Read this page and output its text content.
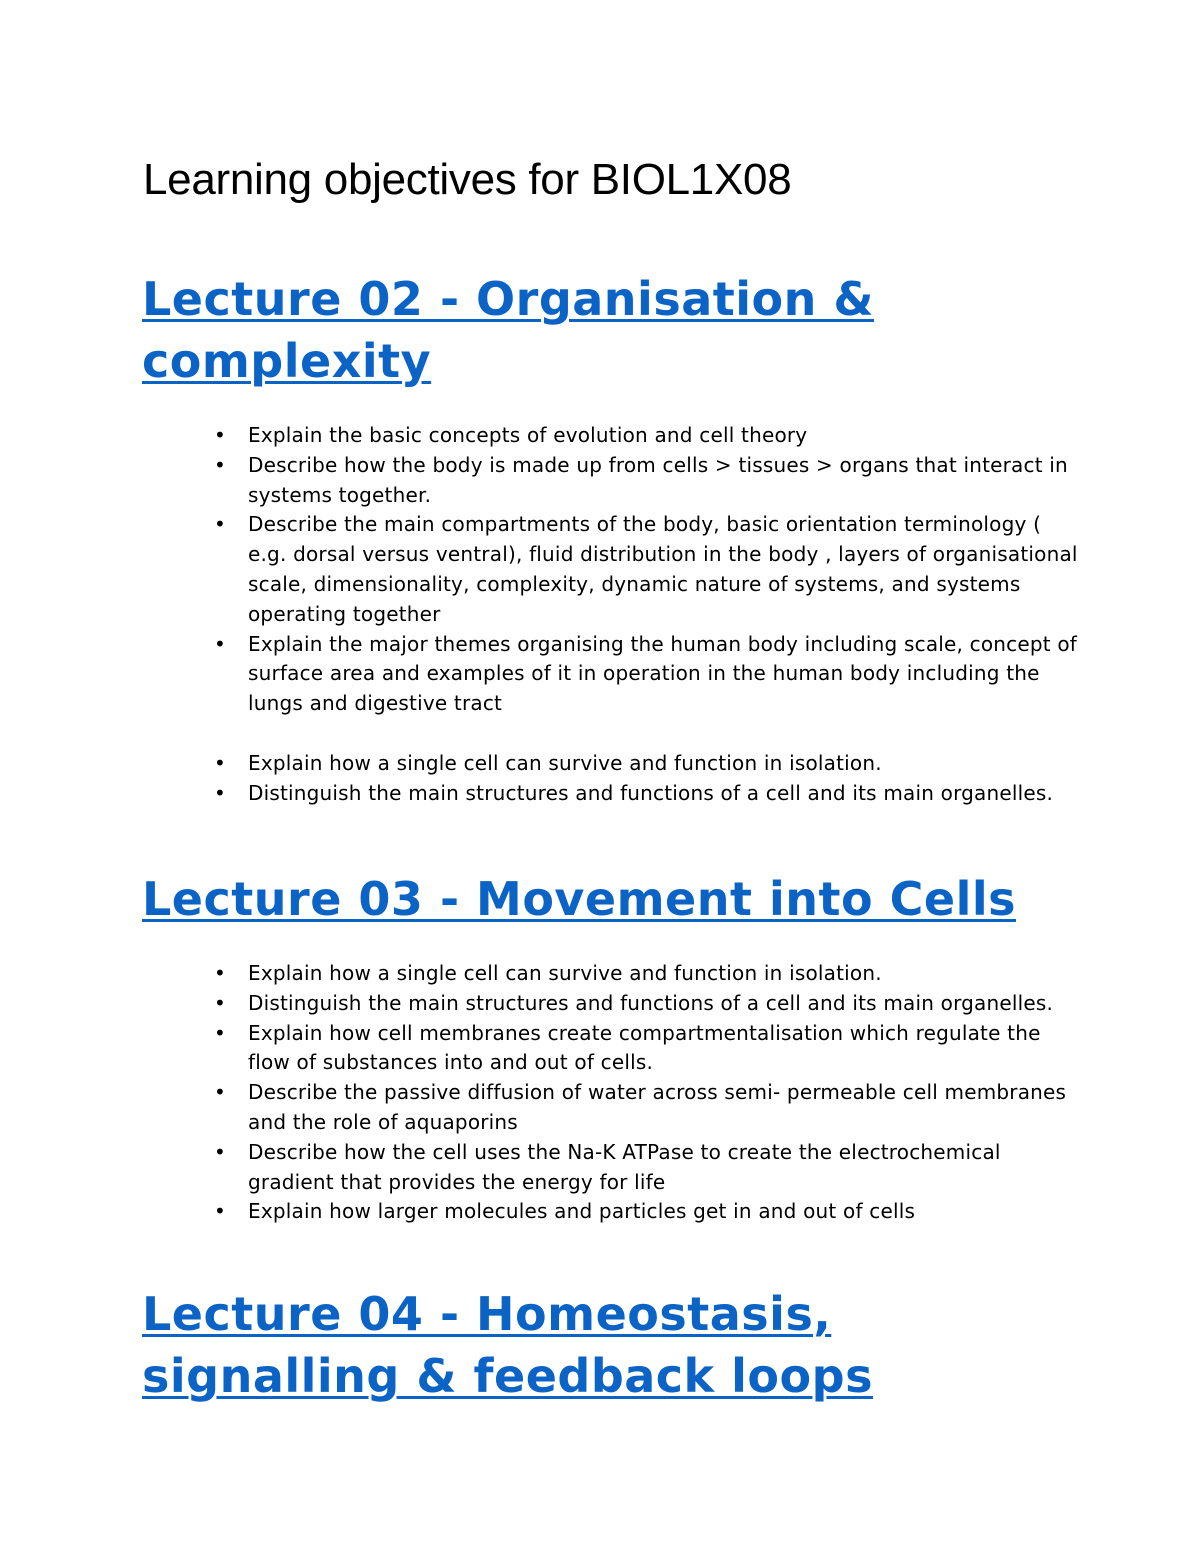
Learning objectives for BIOL1X08
Lecture 02 - Organisation & complexity
• Explain the basic concepts of evolution and cell theory
• Describe how the body is made up from cells > tissues > organs that interact in systems together.
• Describe the main compartments of the body, basic orientation terminology ( e.g. dorsal versus ventral), fluid distribution in the body , layers of organisational scale, dimensionality, complexity, dynamic nature of systems, and systems operating together
• Explain the major themes organising the human body including scale, concept of surface area and examples of it in operation in the human body including the lungs and digestive tract
• Explain how a single cell can survive and function in isolation.
• Distinguish the main structures and functions of a cell and its main organelles.
Lecture 03 - Movement into Cells
• Explain how a single cell can survive and function in isolation.
• Distinguish the main structures and functions of a cell and its main organelles.
• Explain how cell membranes create compartmentalisation which regulate the flow of substances into and out of cells.
• Describe the passive diffusion of water across semi- permeable cell membranes and the role of aquaporins
• Describe how the cell uses the Na-K ATPase to create the electrochemical gradient that provides the energy for life
• Explain how larger molecules and particles get in and out of cells
Lecture 04 - Homeostasis, signalling & feedback loops
